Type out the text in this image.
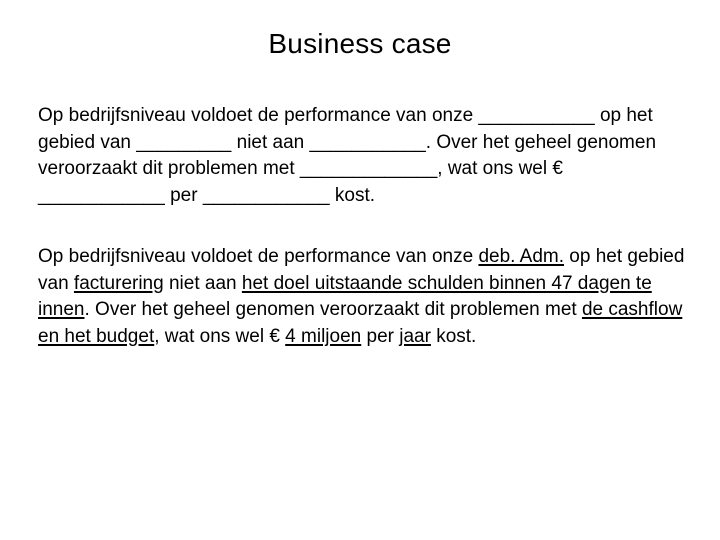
Business case

Op bedrijfsniveau voldoet de performance van onze ___________ op het gebied van _________ niet aan ___________. Over het geheel genomen veroorzaakt dit problemen met _____________, wat ons wel € ____________ per ____________ kost.

Op bedrijfsniveau voldoet de performance van onze deb. Adm. op het gebied van facturering niet aan het doel uitstaande schulden binnen 47 dagen te innen. Over het geheel genomen veroorzaakt dit problemen met de cashflow en het budget, wat ons wel € 4 miljoen per jaar kost.
